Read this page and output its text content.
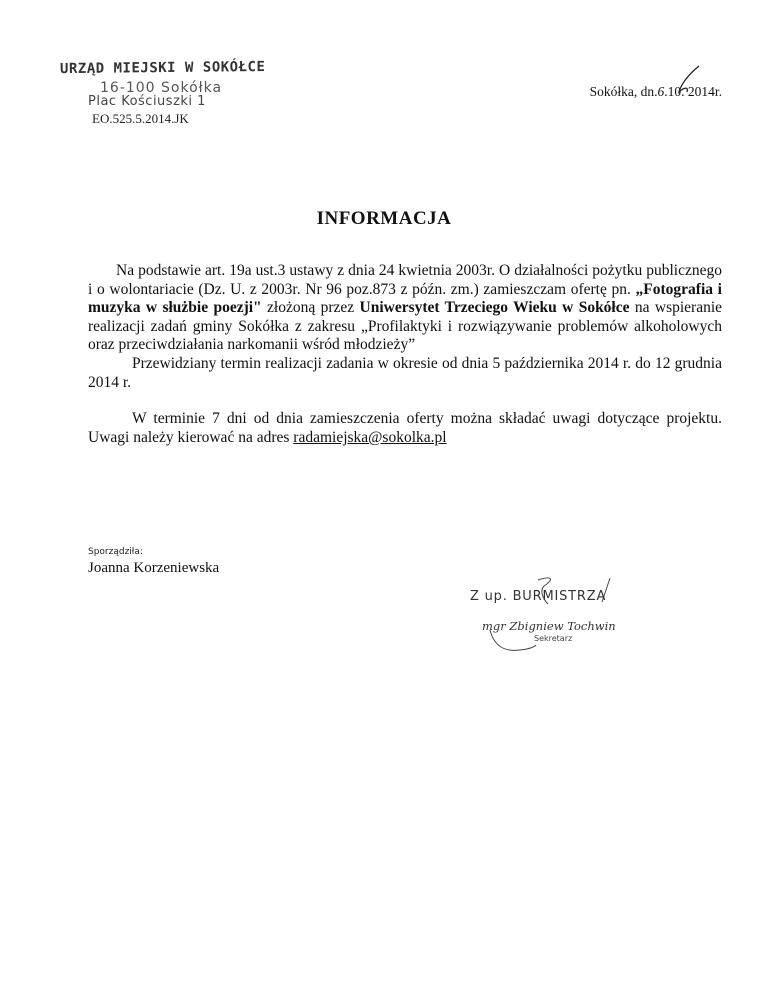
URZĄD MIEJSKI W SOKÓŁCE
16-100 Sokółka
Plac Kościuszki 1
EO.525.5.2014.JK
Sokółka, dn.6.10. 2014r.
INFORMACJA

Na podstawie art. 19a ust.3 ustawy z dnia 24 kwietnia 2003r. O działalności pożytku publicznego i o wolontariacie (Dz. U. z 2003r. Nr 96 poz.873 z późn. zm.) zamieszczam ofertę pn. „Fotografia i muzyka w służbie poezji" złożoną przez Uniwersytet Trzeciego Wieku w Sokółce na wspieranie realizacji zadań gminy Sokółka z zakresu „Profilaktyki i rozwiązywanie problemów alkoholowych oraz przeciwdziałania narkomanii wśród młodzieży”

Przewidziany termin realizacji zadania w okresie od dnia 5 października 2014 r. do 12 grudnia 2014 r.

W terminie 7 dni od dnia zamieszczenia oferty można składać uwagi dotyczące projektu. Uwagi należy kierować na adres radamiejska@sokolka.pl

Sporządziła:
Joanna Korzeniewska
Z up. BURMISTRZA
mgr Zbigniew Tochwin
Sekretarz
